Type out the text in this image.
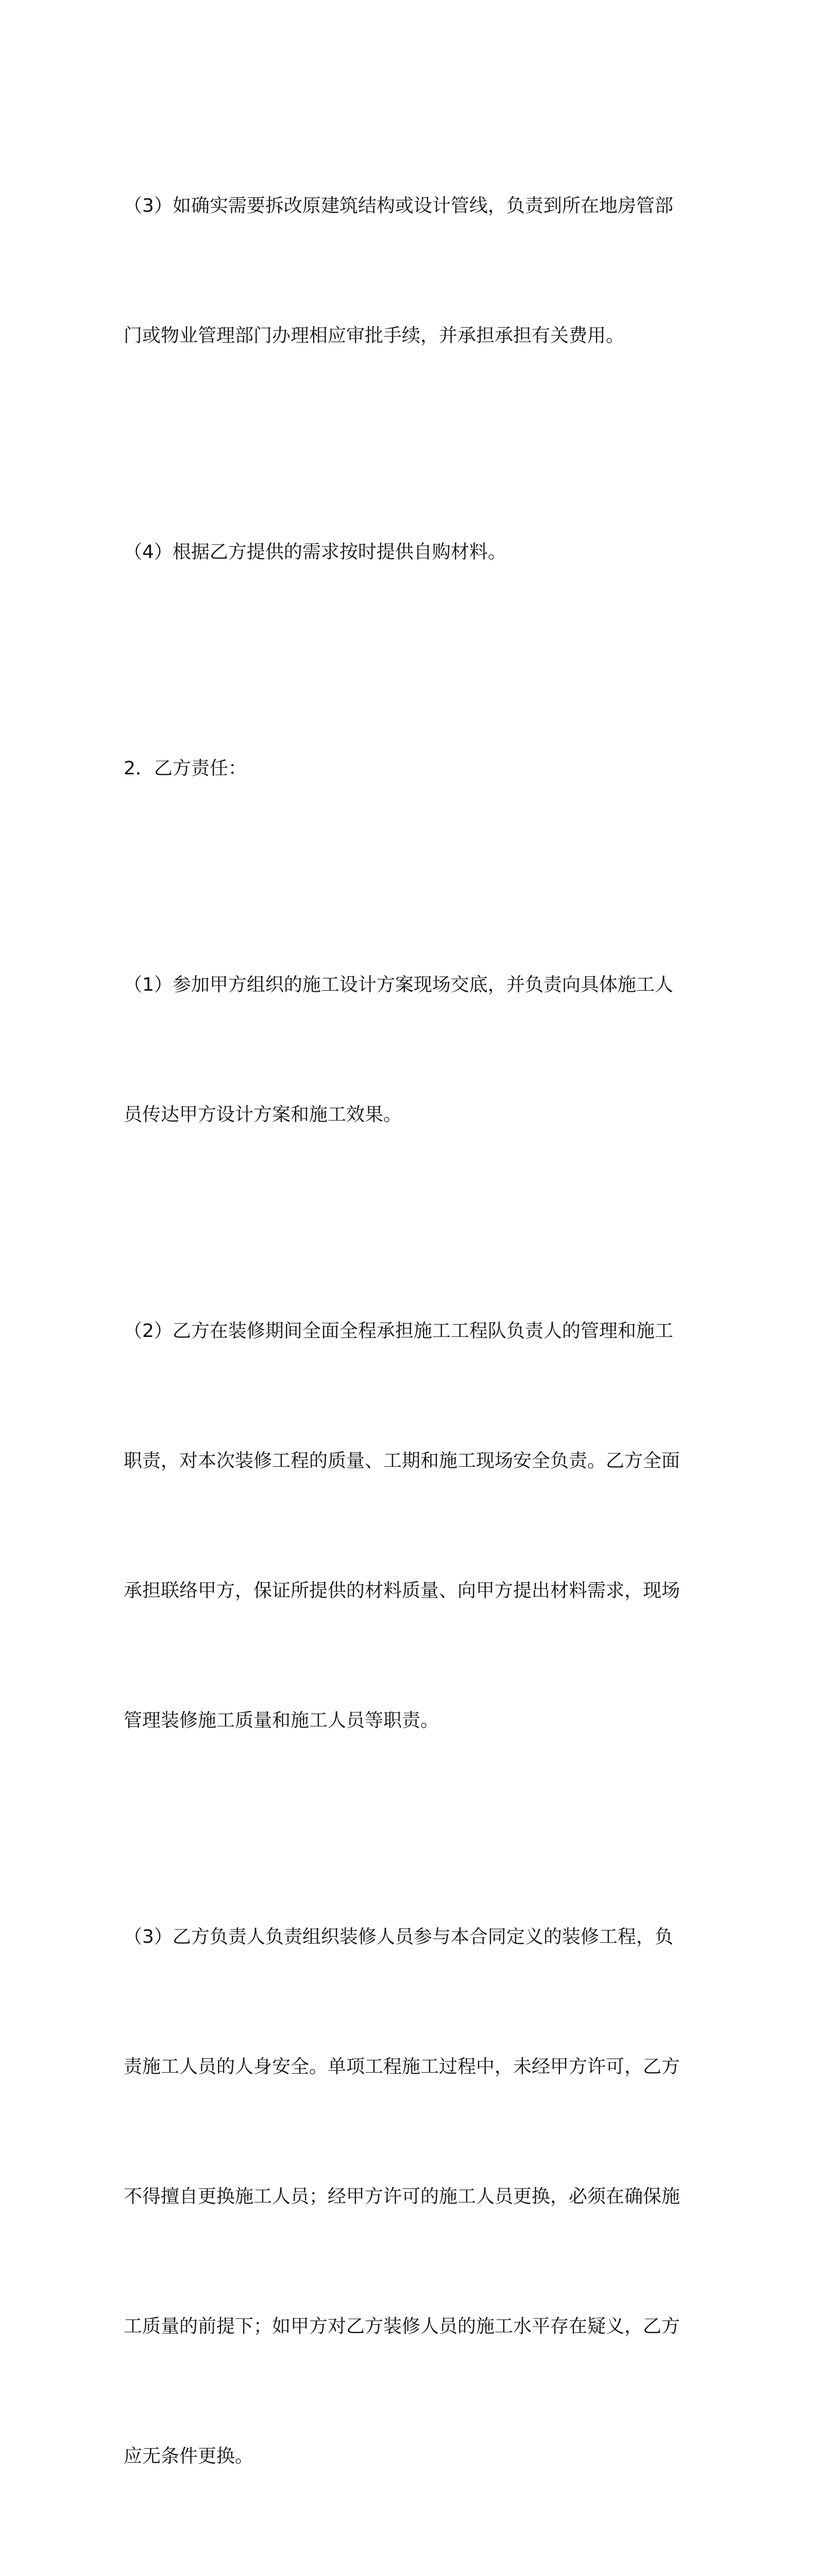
（3）如确实需要拆改原建筑结构或设计管线，负责到所在地房管部

门或物业管理部门办理相应审批手续，并承担承担有关费用。

（4）根据乙方提供的需求按时提供自购材料。

2．乙方责任：

（1）参加甲方组织的施工设计方案现场交底，并负责向具体施工人

员传达甲方设计方案和施工效果。

（2）乙方在装修期间全面全程承担施工工程队负责人的管理和施工

职责，对本次装修工程的质量、工期和施工现场安全负责。乙方全面

承担联络甲方，保证所提供的材料质量、向甲方提出材料需求，现场

管理装修施工质量和施工人员等职责。

（3）乙方负责人负责组织装修人员参与本合同定义的装修工程，负

责施工人员的人身安全。单项工程施工过程中，未经甲方许可，乙方

不得擅自更换施工人员；经甲方许可的施工人员更换，必须在确保施

工质量的前提下；如甲方对乙方装修人员的施工水平存在疑义，乙方

应无条件更换。
